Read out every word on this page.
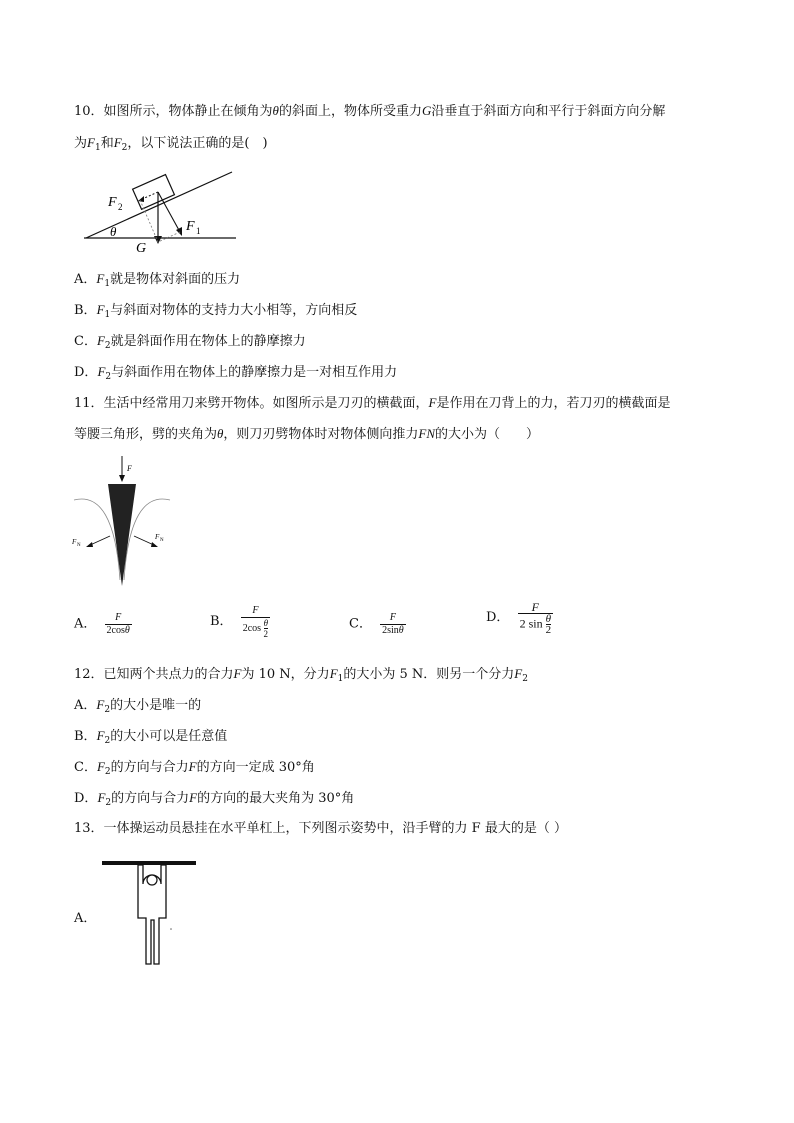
10．如图所示，物体静止在倾角为θ的斜面上，物体所受重力G沿垂直于斜面方向和平行于斜面方向分解
为$F_1$和$F_2$，以下说法正确的是(　)
F 2
F 1
θ
G
A．$F_1$就是物体对斜面的压力
B．$F_1$与斜面对物体的支持力大小相等，方向相反
C．$F_2$就是斜面作用在物体上的静摩擦力
D．$F_2$与斜面作用在物体上的静摩擦力是一对相互作用力
11．生活中经常用刀来劈开物体。如图所示是刀刃的横截面，F是作用在刀背上的力，若刀刃的横截面是
等腰三角形，劈的夹角为θ，则刀刃劈物体时对物体侧向推力FN的大小为（　　）
F
F N
F N
A． $\frac{F}{2\cos\theta}$	B． $\frac{F}{2\cos \frac{\theta}{2}}$	C． $\frac{F}{2\sin\theta}$	D． $\frac{F}{2 \sin \frac{\theta}{2}}$
12．已知两个共点力的合力F为 10 N，分力$F_1$的大小为 5 N．则另一个分力$F_2$
A．$F_2$的大小是唯一的
B．$F_2$的大小可以是任意值
C．$F_2$的方向与合力F的方向一定成 30°角
D．$F_2$的方向与合力F的方向的最大夹角为 30°角
13．一体操运动员悬挂在水平单杠上，下列图示姿势中，沿手臂的力 F 最大的是（ ）
A．
